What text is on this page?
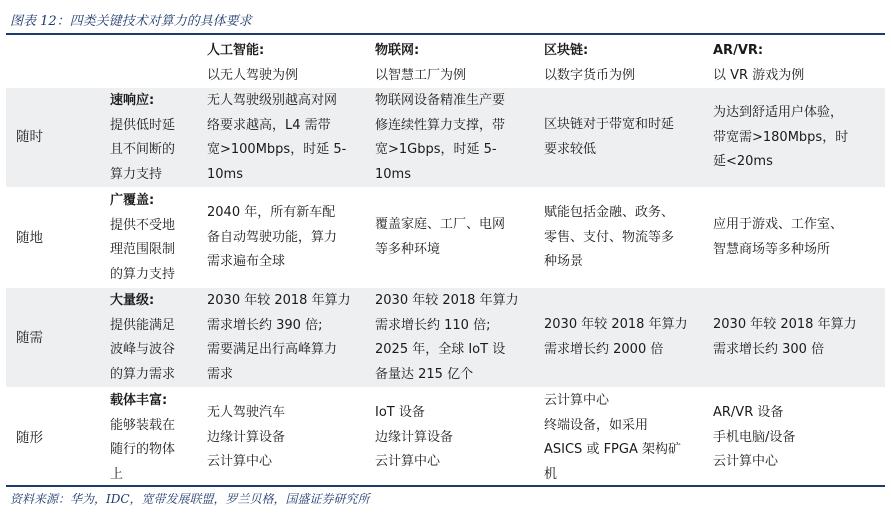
图表 12：四类关键技术对算力的具体要求
人工智能:
以无人驾驶为例
物联网:
以智慧工厂为例
区块链:
以数字货币为例
AR/VR:
以 VR 游戏为例
随时
速响应:
提供低时延
且不间断的
算力支持
无人驾驶级别越高对网
络要求越高，L4 需带
宽>100Mbps，时延 5-
10ms
物联网设备精准生产要
修连续性算力支撑，带
宽>1Gbps，时延 5-
10ms
区块链对于带宽和时延
要求较低
为达到舒适用户体验，
带宽需>180Mbps，时
延<20ms
随地
广覆盖:
提供不受地
理范围限制
的算力支持
2040 年，所有新车配
备自动驾驶功能，算力
需求遍布全球
覆盖家庭、工厂、电网
等多种环境
赋能包括金融、政务、
零售、支付、物流等多
种场景
应用于游戏、工作室、
智慧商场等多种场所
随需
大量级:
提供能满足
波峰与波谷
的算力需求
2030 年较 2018 年算力
需求增长约 390 倍;
需要满足出行高峰算力
需求
2030 年较 2018 年算力
需求增长约 110 倍;
2025 年，全球 IoT 设
备量达 215 亿个
2030 年较 2018 年算力
需求增长约 2000 倍
2030 年较 2018 年算力
需求增长约 300 倍
随形
载体丰富:
能够装载在
随行的物体
上
无人驾驶汽车
边缘计算设备
云计算中心
IoT 设备
边缘计算设备
云计算中心
云计算中心
终端设备，如采用
ASICS 或 FPGA 架构矿
机
AR/VR 设备
手机电脑/设备
云计算中心
资料来源：华为，IDC，宽带发展联盟，罗兰贝格，国盛证券研究所
